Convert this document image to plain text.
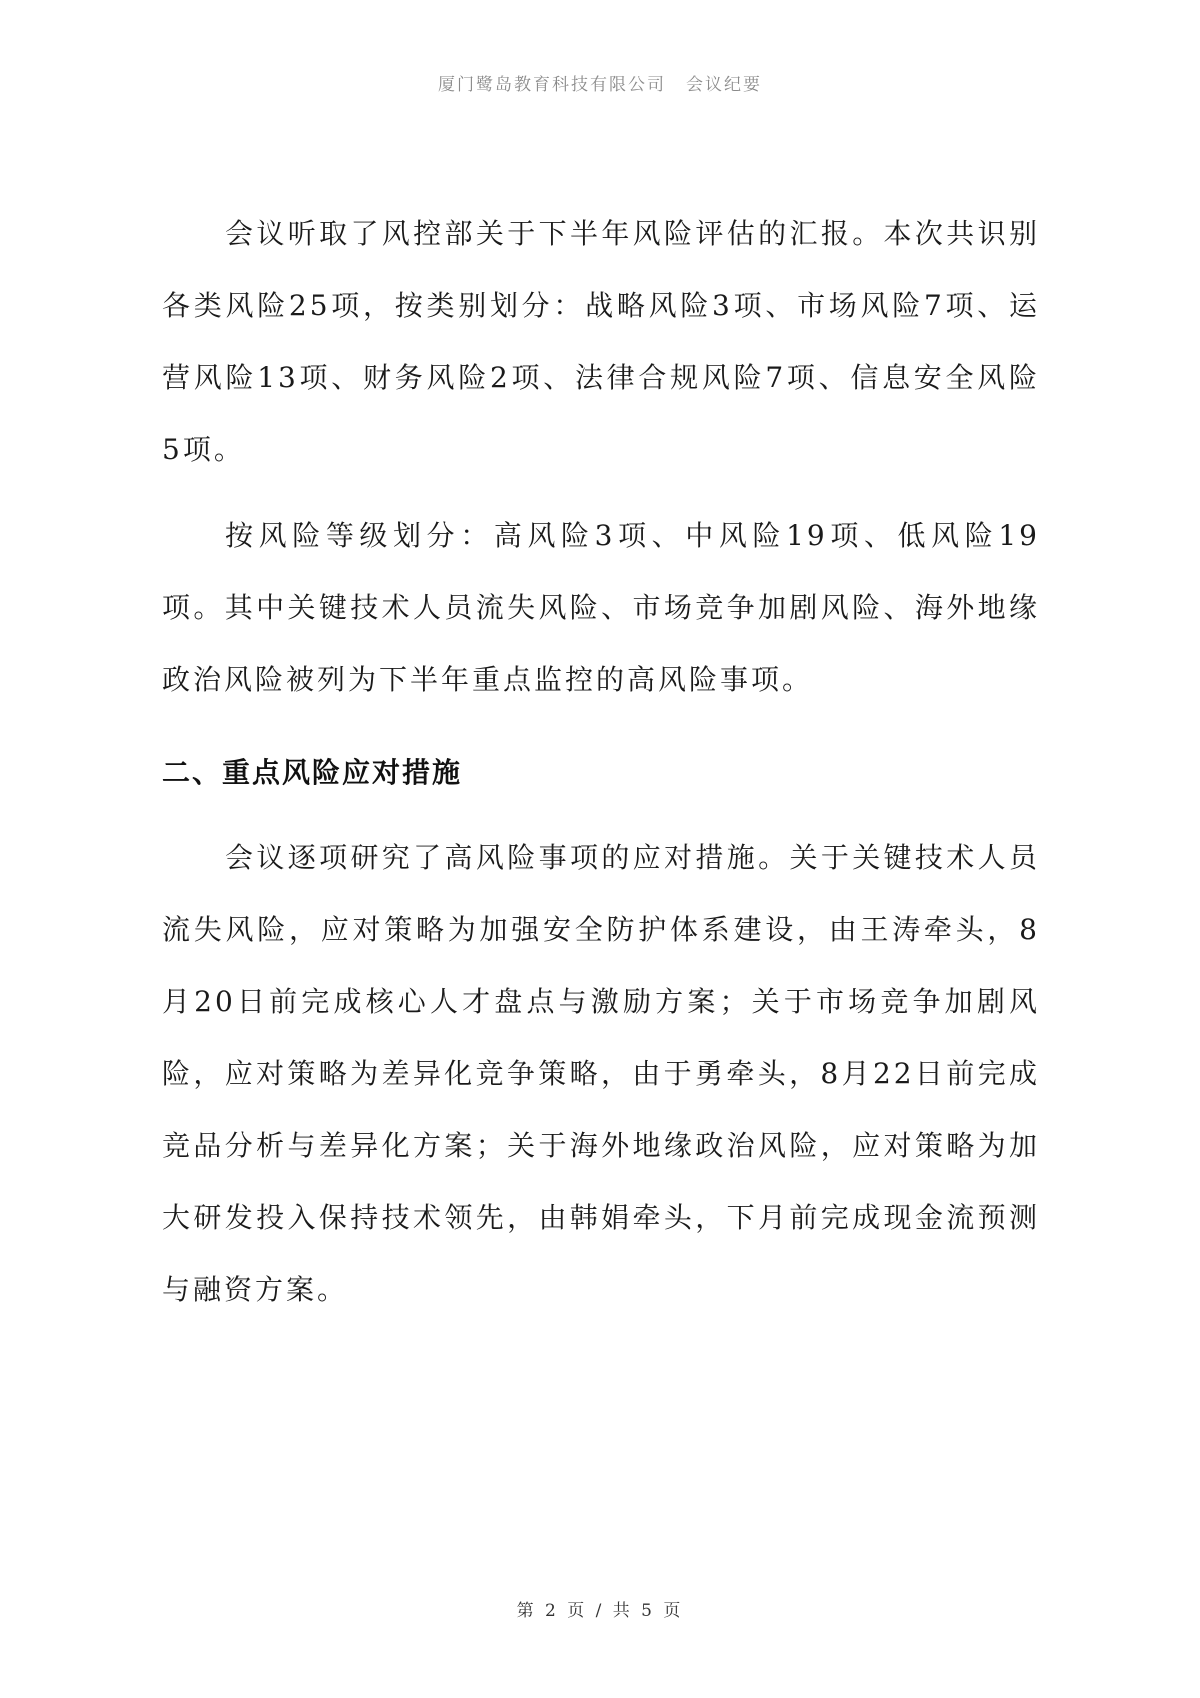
厦门鹭岛教育科技有限公司 会议纪要

会议听取了风控部关于下半年风险评估的汇报。本次共识别各类风险25项，按类别划分：战略风险3项、市场风险7项、运营风险13项、财务风险2项、法律合规风险7项、信息安全风险5项。

按风险等级划分：高风险3项、中风险19项、低风险19项。其中关键技术人员流失风险、市场竞争加剧风险、海外地缘政治风险被列为下半年重点监控的高风险事项。

二、重点风险应对措施

会议逐项研究了高风险事项的应对措施。关于关键技术人员流失风险，应对策略为加强安全防护体系建设，由王涛牵头，8月20日前完成核心人才盘点与激励方案；关于市场竞争加剧风险，应对策略为差异化竞争策略，由于勇牵头，8月22日前完成竞品分析与差异化方案；关于海外地缘政治风险，应对策略为加大研发投入保持技术领先，由韩娟牵头，下月前完成现金流预测与融资方案。

第 2 页 / 共 5 页
